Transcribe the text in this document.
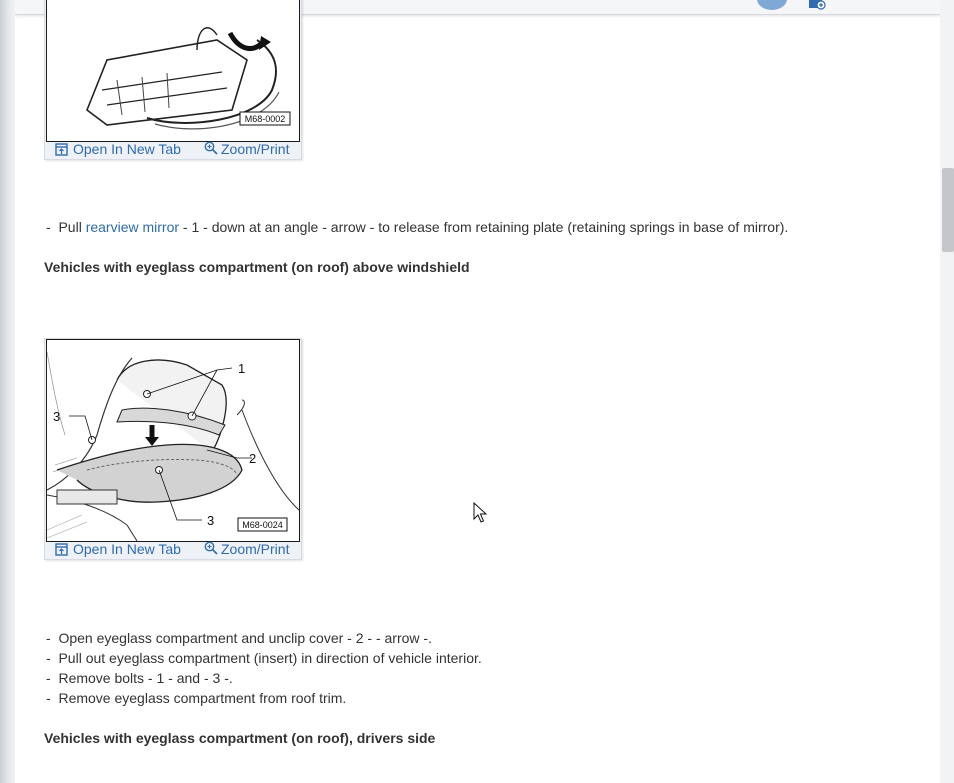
M68-0002
Open In New Tab	Zoom/Print
- Pull rearview mirror - 1 - down at an angle - arrow - to release from retaining plate (retaining springs in base of mirror).
Vehicles with eyeglass compartment (on roof) above windshield
1
2
3
3	M68-0024
Open In New Tab	Zoom/Print
-  Open eyeglass compartment and unclip cover - 2 - - arrow -.
-  Pull out eyeglass compartment (insert) in direction of vehicle interior.
-  Remove bolts - 1 - and - 3 -.
-  Remove eyeglass compartment from roof trim.
Vehicles with eyeglass compartment (on roof), drivers side
